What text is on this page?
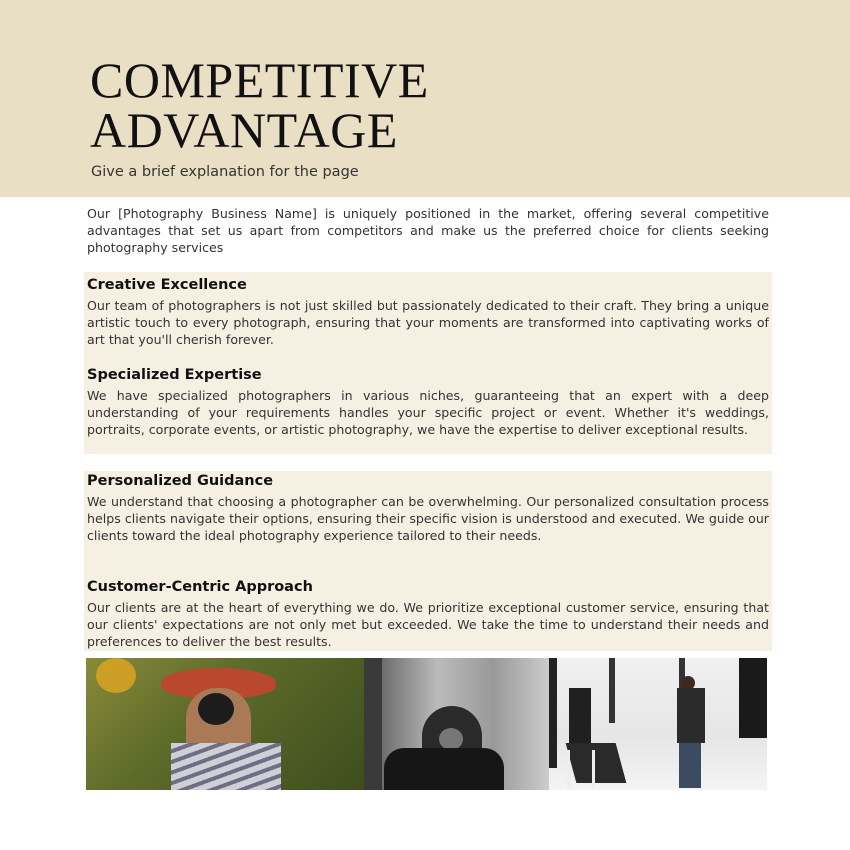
COMPETITIVE
ADVANTAGE
Give a brief explanation for the page
Our [Photography Business Name] is uniquely positioned in the market, offering several competitive advantages that set us apart from competitors and make us the preferred choice for clients seeking photography services
Creative Excellence

Our team of photographers is not just skilled but passionately dedicated to their craft. They bring a unique artistic touch to every photograph, ensuring that your moments are transformed into captivating works of art that you'll cherish forever.

Specialized Expertise

We have specialized photographers in various niches, guaranteeing that an expert with a deep understanding of your requirements handles your specific project or event. Whether it's weddings, portraits, corporate events, or artistic photography, we have the expertise to deliver exceptional results.

Personalized Guidance

We understand that choosing a photographer can be overwhelming. Our personalized consultation process helps clients navigate their options, ensuring their specific vision is understood and executed. We guide our clients toward the ideal photography experience tailored to their needs.

Customer-Centric Approach

Our clients are at the heart of everything we do. We prioritize exceptional customer service, ensuring that our clients' expectations are not only met but exceeded. We take the time to understand their needs and preferences to deliver the best results.
